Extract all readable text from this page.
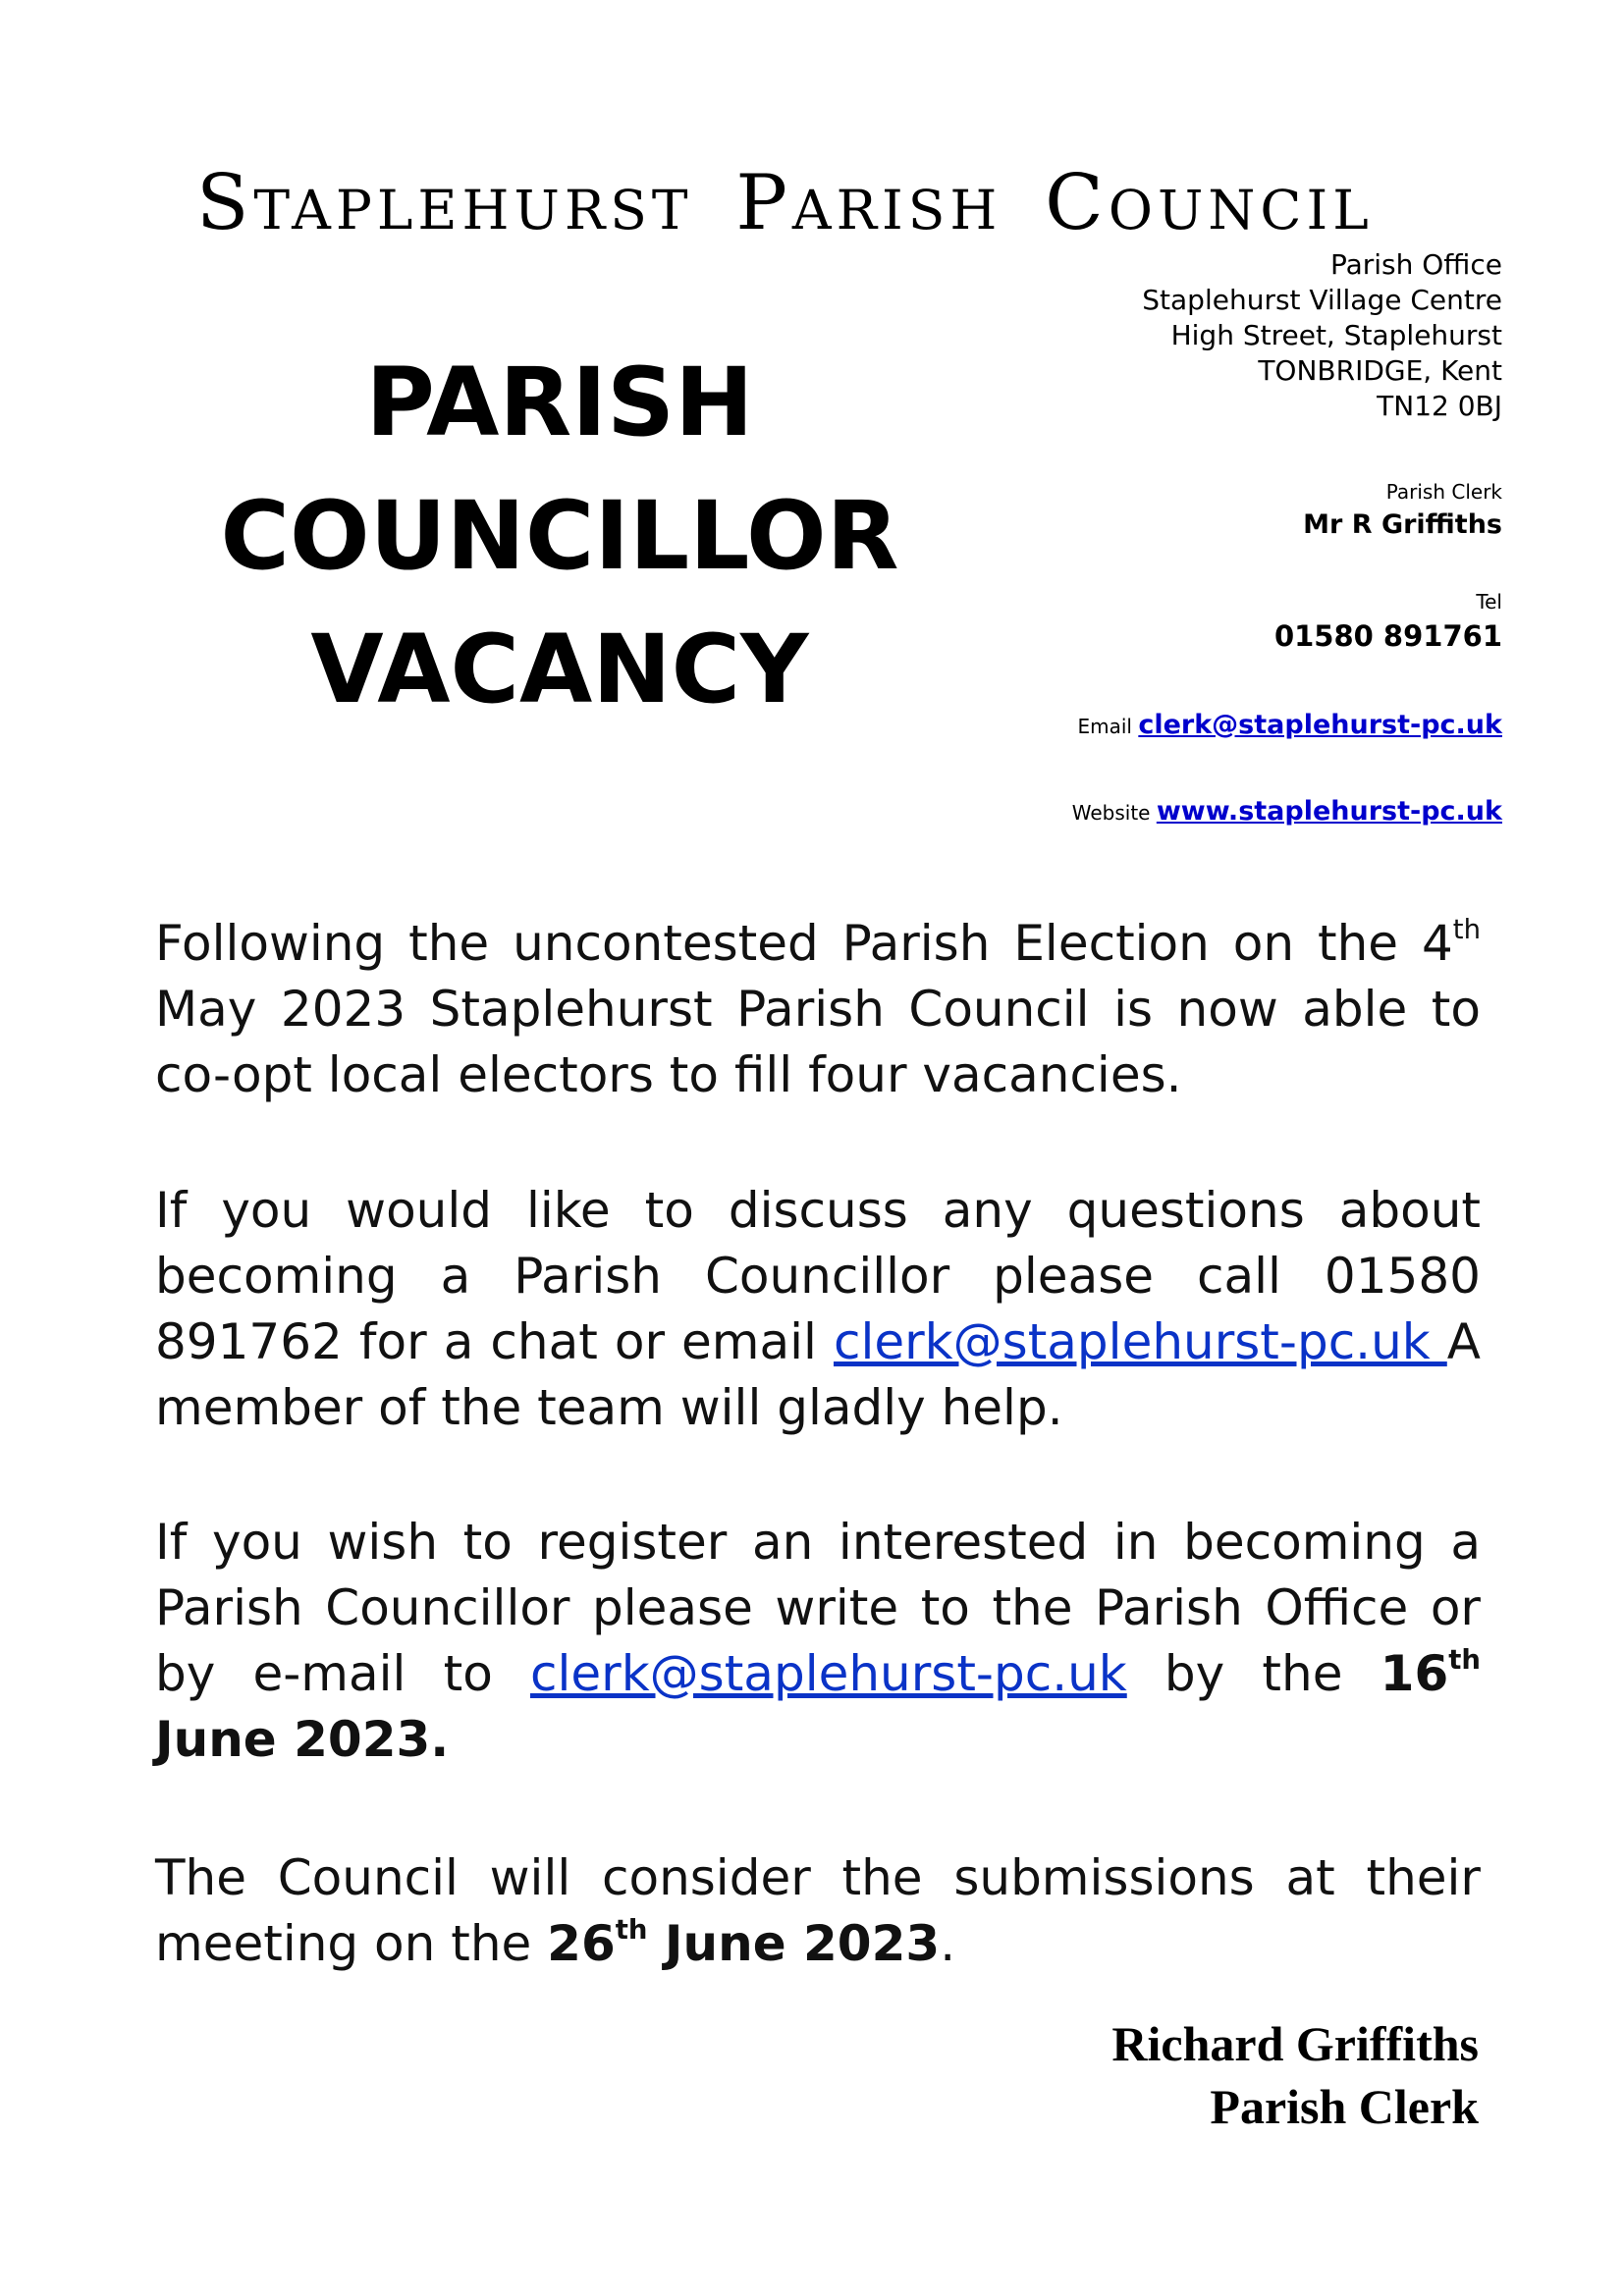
Staplehurst Parish Council
PARISH
COUNCILLOR
VACANCY
Parish Office
Staplehurst Village Centre
High Street, Staplehurst
TONBRIDGE, Kent
TN12 0BJ
Parish Clerk
Mr R Griffiths
Tel
01580 891761
Email clerk@staplehurst-pc.uk
Website www.staplehurst-pc.uk
Following the uncontested Parish Election on the 4th May 2023 Staplehurst Parish Council is now able to co-opt local electors to fill four vacancies.
If you would like to discuss any questions about becoming a Parish Councillor please call 01580 891762 for a chat or email clerk@staplehurst-pc.uk A member of the team will gladly help.
If you wish to register an interested in becoming a Parish Councillor please write to the Parish Office or by e-mail to clerk@staplehurst-pc.uk by the 16th June 2023.
The Council will consider the submissions at their meeting on the 26th June 2023.
Richard Griffiths
Parish Clerk
